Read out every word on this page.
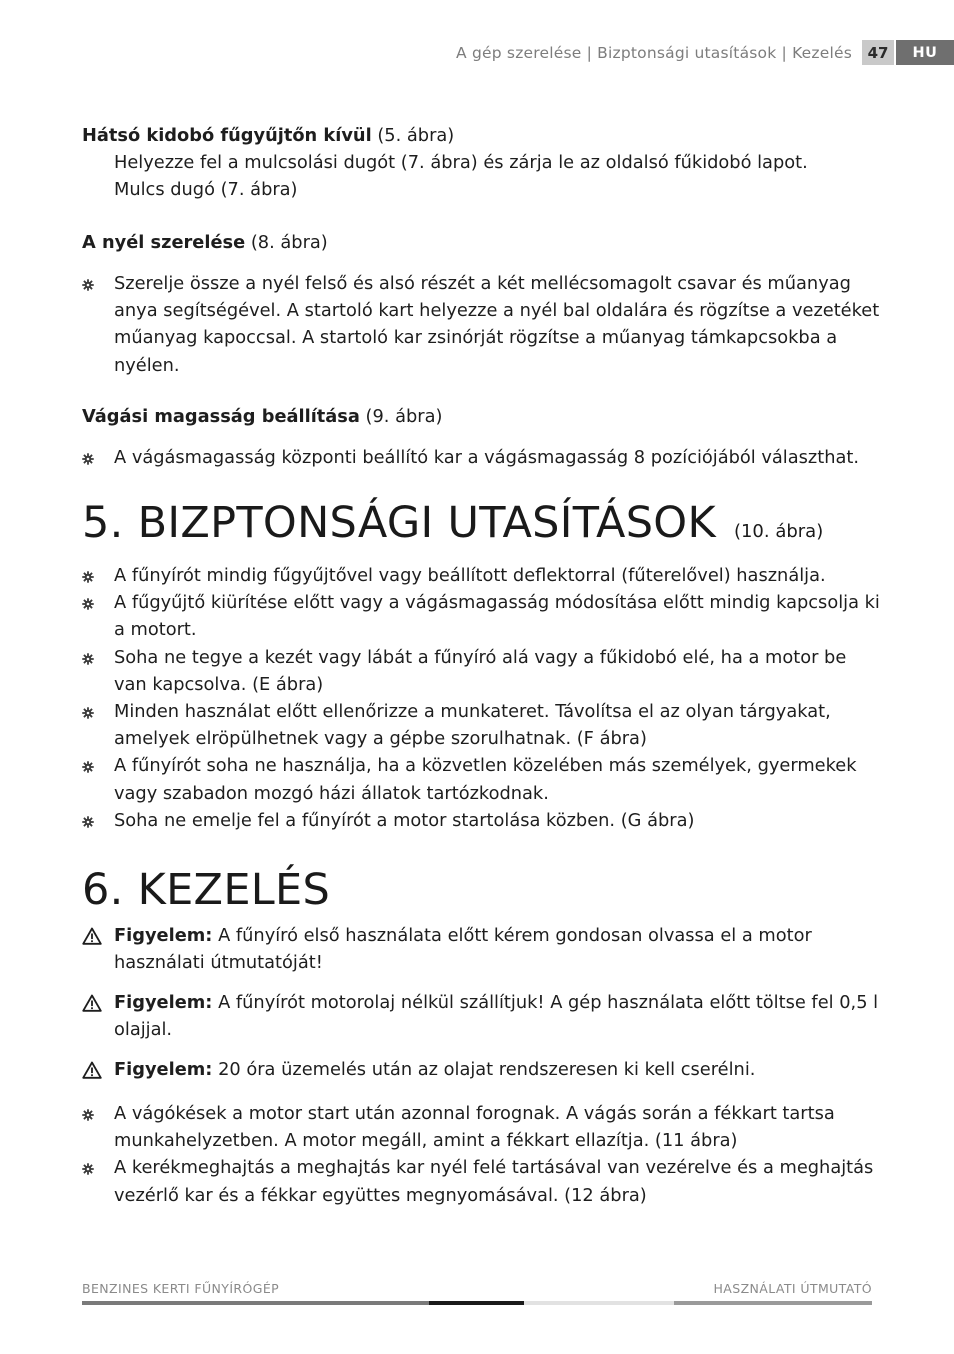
A gép szerelése | Bizptonsági utasítások | Kezelés	47	HU
Hátsó kidobó fűgyűjtőn kívül (5. ábra)
Helyezze fel a mulcsolási dugót (7. ábra) és zárja le az oldalsó fűkidobó lapot.
Mulcs dugó (7. ábra)
A nyél szerelése (8. ábra)
Szerelje össze a nyél felső és alsó részét a két mellécsomagolt csavar és műanyag anya segítségével. A startoló kart helyezze a nyél bal oldalára és rögzítse a vezetéket műanyag kapoccsal. A startoló kar zsinórját rögzítse a műanyag támkapcsokba a nyélen.
Vágási magasság beállítása (9. ábra)
A vágásmagasság központi beállító kar a vágásmagasság 8 pozíciójából választhat.
5. BIZPTONSÁGI UTASÍTÁSOK (10. ábra)
A fűnyírót mindig fűgyűjtővel vagy beállított deflektorral (fűterelővel) használja.
A fűgyűjtő kiürítése előtt vagy a vágásmagasság módosítása előtt mindig kapcsolja ki a motort.
Soha ne tegye a kezét vagy lábát a fűnyíró alá vagy a fűkidobó elé, ha a motor be van kapcsolva. (E ábra)
Minden használat előtt ellenőrizze a munkateret. Távolítsa el az olyan tárgyakat, amelyek elröpülhetnek vagy a gépbe szorulhatnak. (F ábra)
A fűnyírót soha ne használja, ha a közvetlen közelében más személyek, gyermekek vagy szabadon mozgó házi állatok tartózkodnak.
Soha ne emelje fel a fűnyírót a motor startolása közben. (G ábra)
6. KEZELÉS
Figyelem: A fűnyíró első használata előtt kérem gondosan olvassa el a motor használati útmutatóját!
Figyelem: A fűnyírót motorolaj nélkül szállítjuk! A gép használata előtt töltse fel 0,5 l olajjal.
Figyelem: 20 óra üzemelés után az olajat rendszeresen ki kell cserélni.
A vágókések a motor start után azonnal forognak. A vágás során a fékkart tartsa munkahelyzetben. A motor megáll, amint a fékkart ellazítja. (11 ábra)
A kerékmeghajtás a meghajtás kar nyél felé tartásával van vezérelve és a meghajtás vezérlő kar és a fékkar együttes megnyomásával. (12 ábra)
BENZINES KERTI FŰNYÍRÓGÉP	HASZNÁLATI ÚTMUTATÓ
